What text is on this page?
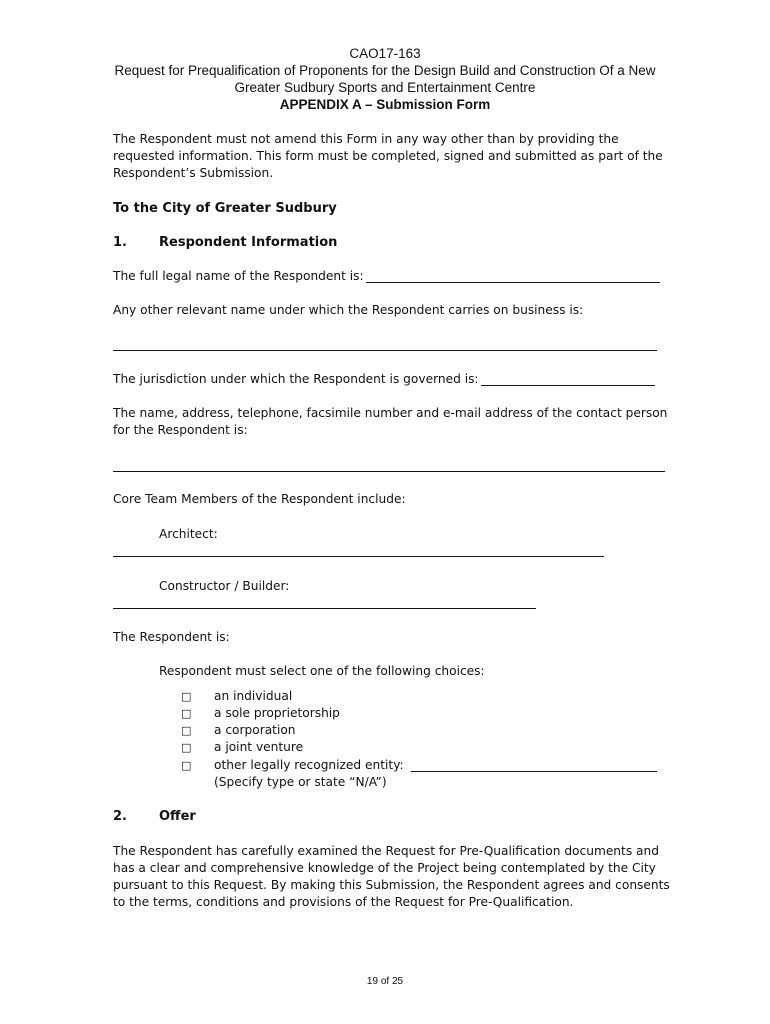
CAO17-163
Request for Prequalification of Proponents for the Design Build and Construction Of a New
Greater Sudbury Sports and Entertainment Centre
APPENDIX A – Submission Form
The Respondent must not amend this Form in any way other than by providing the
requested information. This form must be completed, signed and submitted as part of the
Respondent’s Submission.
To the City of Greater Sudbury
1. Respondent Information
The full legal name of the Respondent is:
Any other relevant name under which the Respondent carries on business is:
The jurisdiction under which the Respondent is governed is:
The name, address, telephone, facsimile number and e-mail address of the contact person
for the Respondent is:
Core Team Members of the Respondent include:
Architect:
Constructor / Builder:
The Respondent is:
Respondent must select one of the following choices:
□ an individual
□ a sole proprietorship
□ a corporation
□ a joint venture
□ other legally recognized entity:
(Specify type or state “N/A”)
2. Offer
The Respondent has carefully examined the Request for Pre-Qualification documents and
has a clear and comprehensive knowledge of the Project being contemplated by the City
pursuant to this Request. By making this Submission, the Respondent agrees and consents
to the terms, conditions and provisions of the Request for Pre-Qualification.
19 of 25
